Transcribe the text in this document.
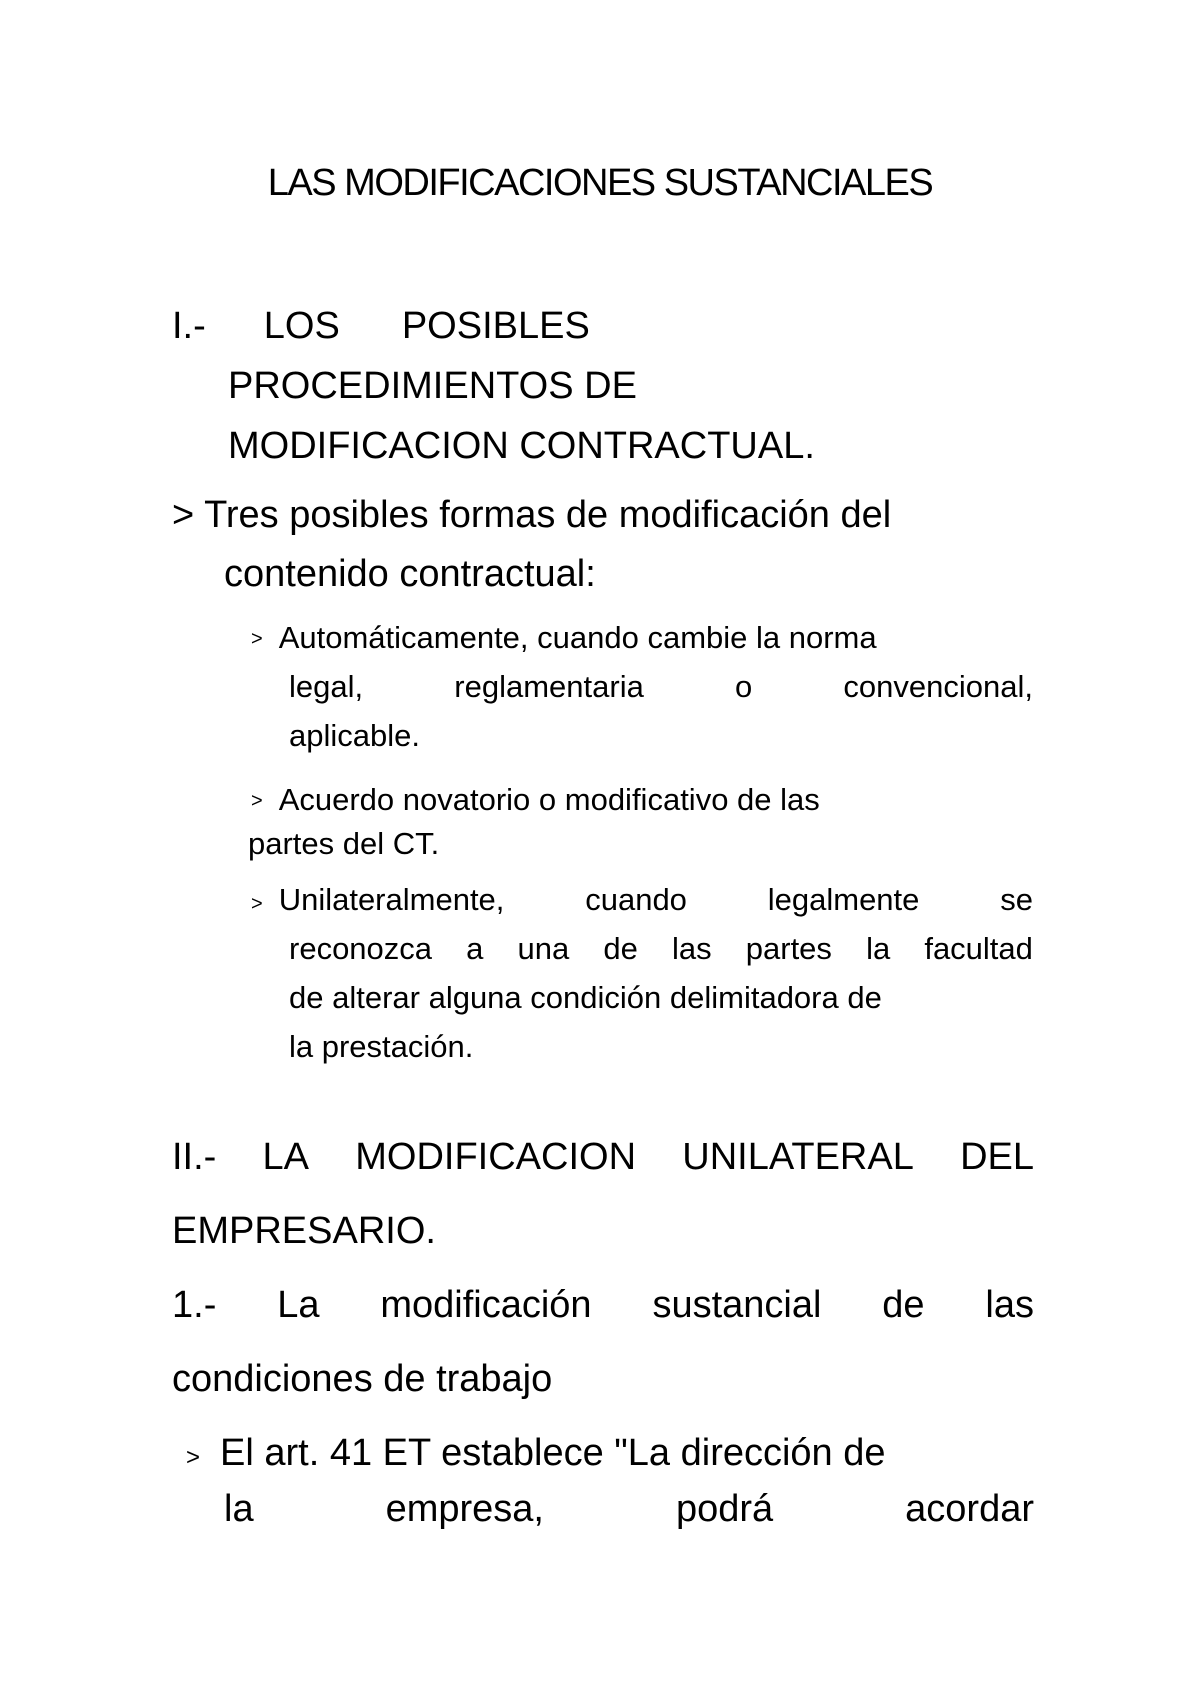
LAS MODIFICACIONES SUSTANCIALES
I.- LOS POSIBLES
PROCEDIMIENTOS DE
MODIFICACION CONTRACTUAL.
> Tres posibles formas de modificación del
contenido contractual:
> Automáticamente, cuando cambie la norma
legal,	reglamentaria	o	convencional,
aplicable.
> Acuerdo novatorio o modificativo de las
partes del CT.
> Unilateralmente,	cuando	legalmente	se
reconozca a una de las partes la facultad
de alterar alguna condición delimitadora de
la prestación.
II.- LA MODIFICACION UNILATERAL DEL
EMPRESARIO.
1.- La modificación sustancial de las
condiciones de trabajo
> El art. 41 ET establece "La dirección de
la	empresa,	podrá	acordar
